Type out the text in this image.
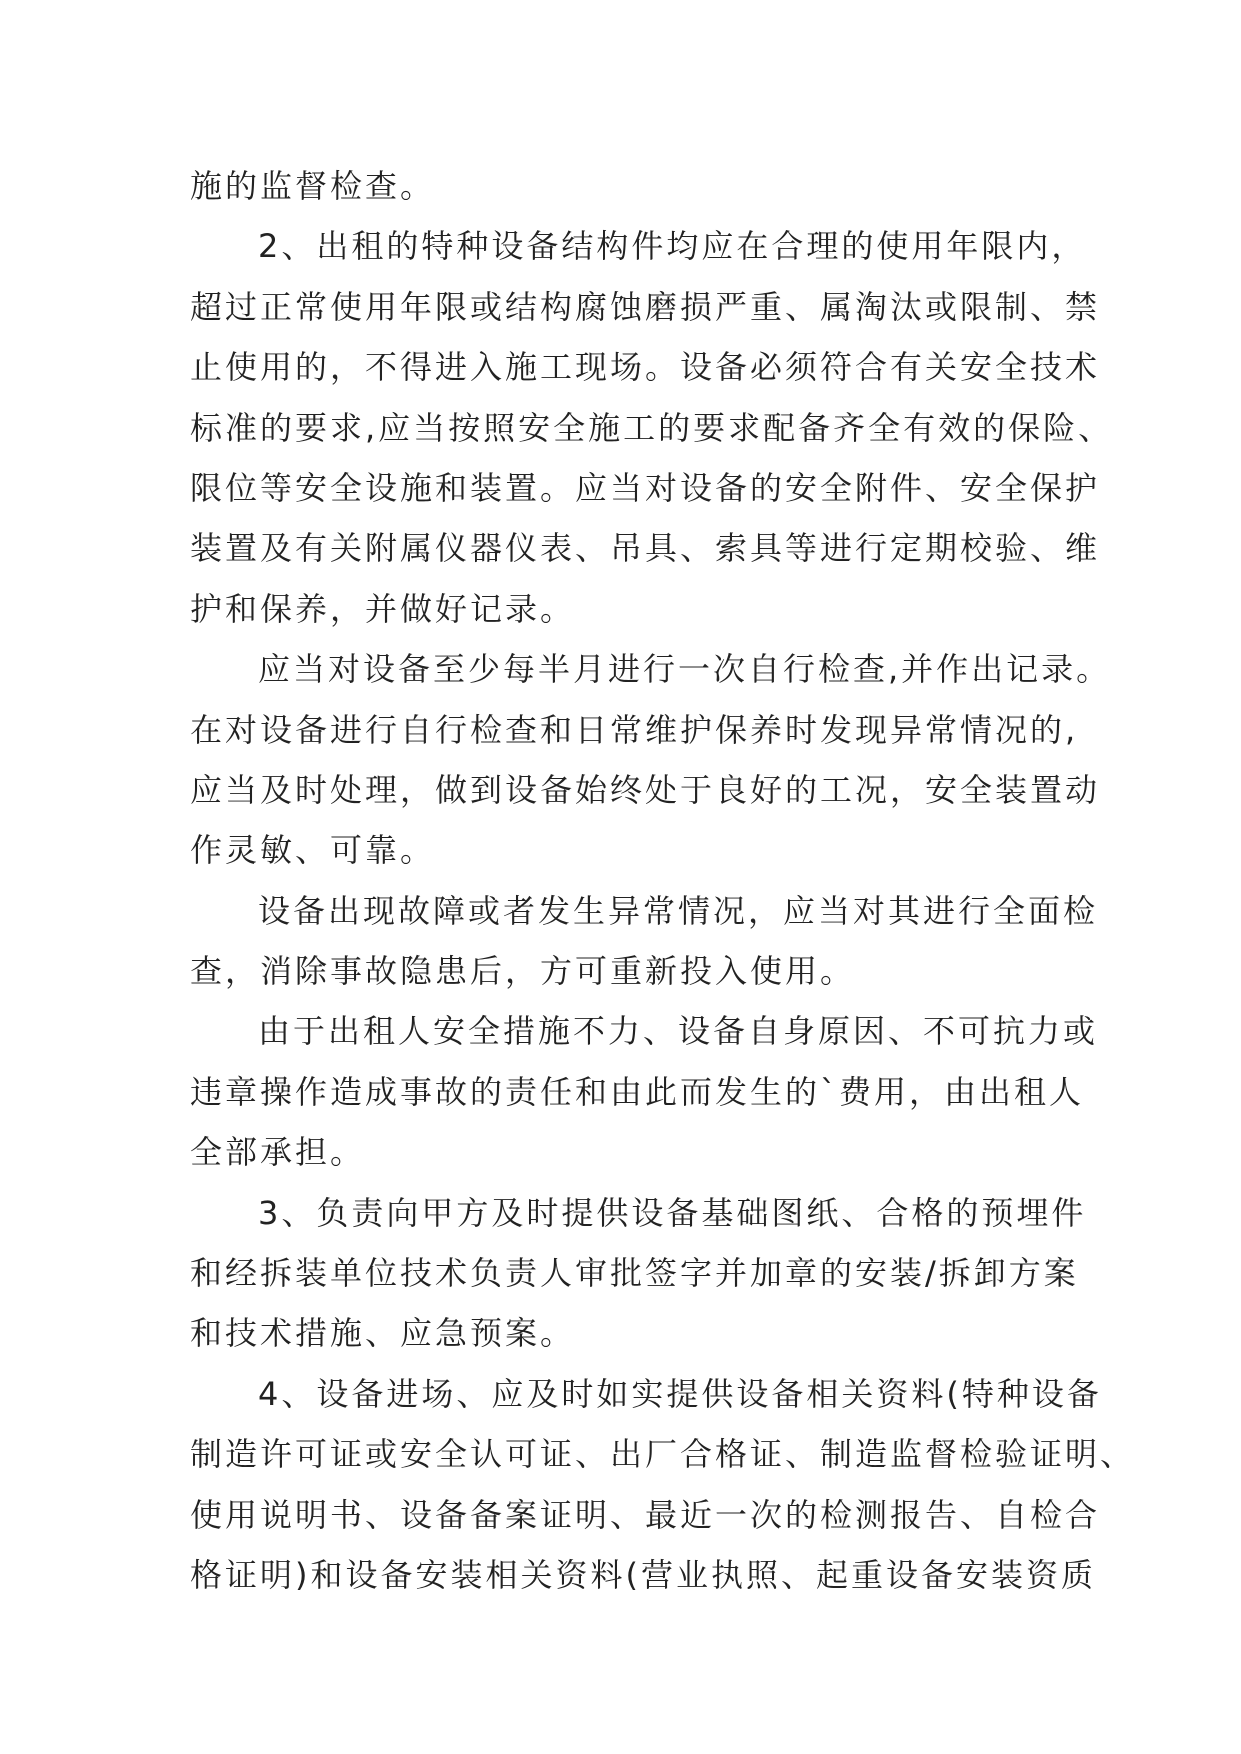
施的监督检查。
2、出租的特种设备结构件均应在合理的使用年限内，
超过正常使用年限或结构腐蚀磨损严重、属淘汰或限制、禁
止使用的，不得进入施工现场。设备必须符合有关安全技术
标准的要求,应当按照安全施工的要求配备齐全有效的保险、
限位等安全设施和装置。应当对设备的安全附件、安全保护
装置及有关附属仪器仪表、吊具、索具等进行定期校验、维
护和保养，并做好记录。
应当对设备至少每半月进行一次自行检查,并作出记录。
在对设备进行自行检查和日常维护保养时发现异常情况的,
应当及时处理，做到设备始终处于良好的工况，安全装置动
作灵敏、可靠。
设备出现故障或者发生异常情况，应当对其进行全面检
查，消除事故隐患后，方可重新投入使用。
由于出租人安全措施不力、设备自身原因、不可抗力或
违章操作造成事故的责任和由此而发生的`费用，由出租人
全部承担。
3、负责向甲方及时提供设备基础图纸、合格的预埋件
和经拆装单位技术负责人审批签字并加章的安装/拆卸方案
和技术措施、应急预案。
4、设备进场、应及时如实提供设备相关资料(特种设备
制造许可证或安全认可证、出厂合格证、制造监督检验证明、
使用说明书、设备备案证明、最近一次的检测报告、自检合
格证明)和设备安装相关资料(营业执照、起重设备安装资质
